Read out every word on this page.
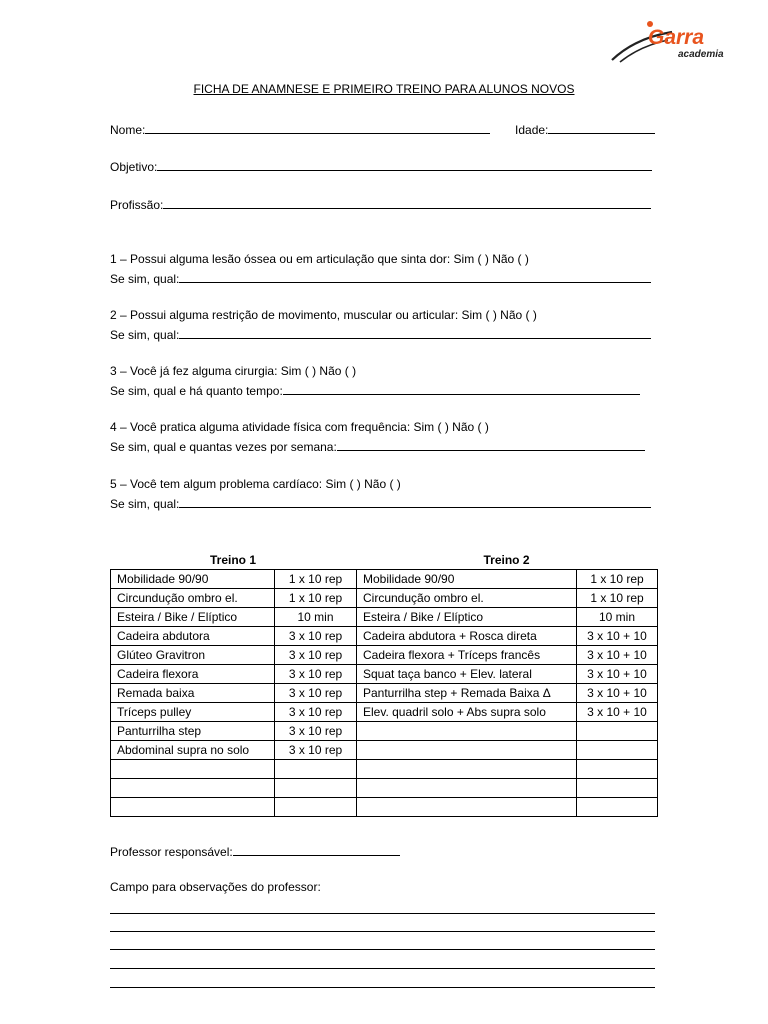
Garra
academia
FICHA DE ANAMNESE E PRIMEIRO TREINO PARA ALUNOS NOVOS
Nome:	Idade:
Objetivo:
Profissão:
1 – Possui alguma lesão óssea ou em articulação que sinta dor: Sim ( ) Não ( )
Se sim, qual:
2 – Possui alguma restrição de movimento, muscular ou articular: Sim ( ) Não ( )
Se sim, qual:
3 – Você já fez alguma cirurgia: Sim ( ) Não ( )
Se sim, qual e há quanto tempo:
4 – Você pratica alguma atividade física com frequência: Sim ( ) Não ( )
Se sim, qual e quantas vezes por semana:
5 – Você tem algum problema cardíaco: Sim ( ) Não ( )
Se sim, qual:
Treino 1	Treino 2
Mobilidade 90/90	1 x 10 rep	Mobilidade 90/90	1 x 10 rep
Circundução ombro el.	1 x 10 rep	Circundução ombro el.	1 x 10 rep
Esteira / Bike / Elíptico	10 min	Esteira / Bike / Elíptico	10 min
Cadeira abdutora	3 x 10 rep	Cadeira abdutora + Rosca direta	3 x 10 + 10
Glúteo Gravitron	3 x 10 rep	Cadeira flexora + Tríceps francês	3 x 10 + 10
Cadeira flexora	3 x 10 rep	Squat taça banco + Elev. lateral	3 x 10 + 10
Remada baixa	3 x 10 rep	Panturrilha step + Remada Baixa Δ	3 x 10 + 10
Tríceps pulley	3 x 10 rep	Elev. quadril solo + Abs supra solo	3 x 10 + 10
Panturrilha step	3 x 10 rep		
Abdominal supra no solo	3 x 10 rep		

Professor responsável:
Campo para observações do professor:
